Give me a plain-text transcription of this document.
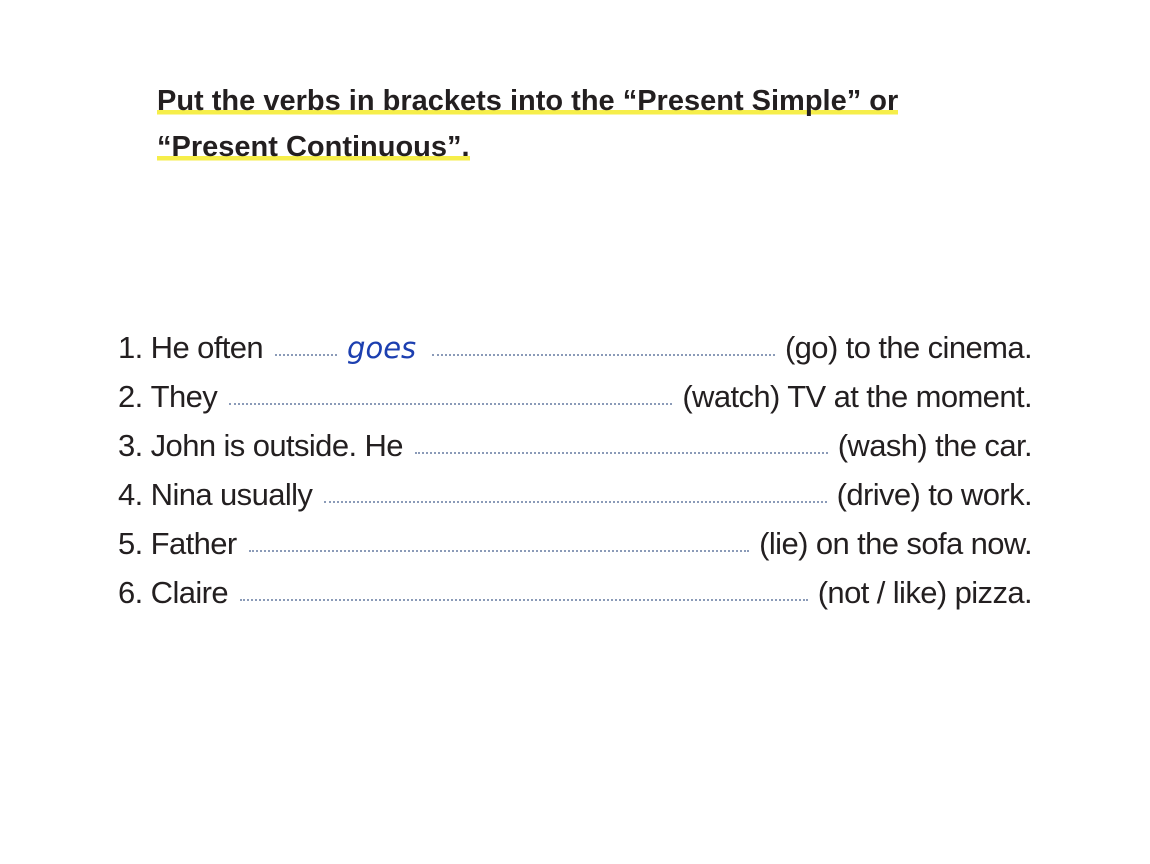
Put the verbs in brackets into the “Present Simple” or
“Present Continuous”.
1. He often	goes	(go) to the cinema.
2. They	(watch) TV at the moment.
3. John is outside. He	(wash) the car.
4. Nina usually	(drive) to work.
5. Father	(lie) on the sofa now.
6. Claire	(not / like) pizza.
